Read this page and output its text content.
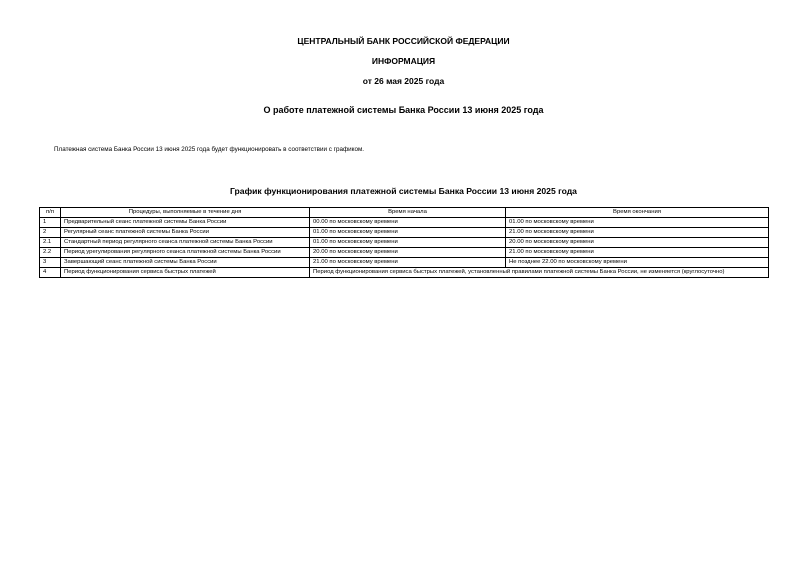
ЦЕНТРАЛЬНЫЙ БАНК РОССИЙСКОЙ ФЕДЕРАЦИИ
ИНФОРМАЦИЯ
от 26 мая 2025 года
О работе платежной системы Банка России 13 июня 2025 года
Платежная система Банка России 13 июня 2025 года будет функционировать в соответствии с графиком.
График функционирования платежной системы Банка России 13 июня 2025 года
п/п	Процедуры, выполняемые в течение дня	Время начала	Время окончания
1	Предварительный сеанс платежной системы Банка России	00.00 по московскому времени	01.00 по московскому времени
2	Регулярный сеанс платежной системы Банка России	01.00 по московскому времени	21.00 по московскому времени
2.1	Стандартный период регулярного сеанса платежной системы Банка России	01.00 по московскому времени	20.00 по московскому времени
2.2	Период урегулирования регулярного сеанса платежной системы Банка России	20.00 по московскому времени	21.00 по московскому времени
3	Завершающий сеанс платежной системы Банка России	21.00 по московскому времени	Не позднее 22.00 по московскому времени
4	Период функционирования сервиса быстрых платежей	Период функционирования сервиса быстрых платежей, установленный правилами платежной системы Банка России, не изменяется (круглосуточно)	
